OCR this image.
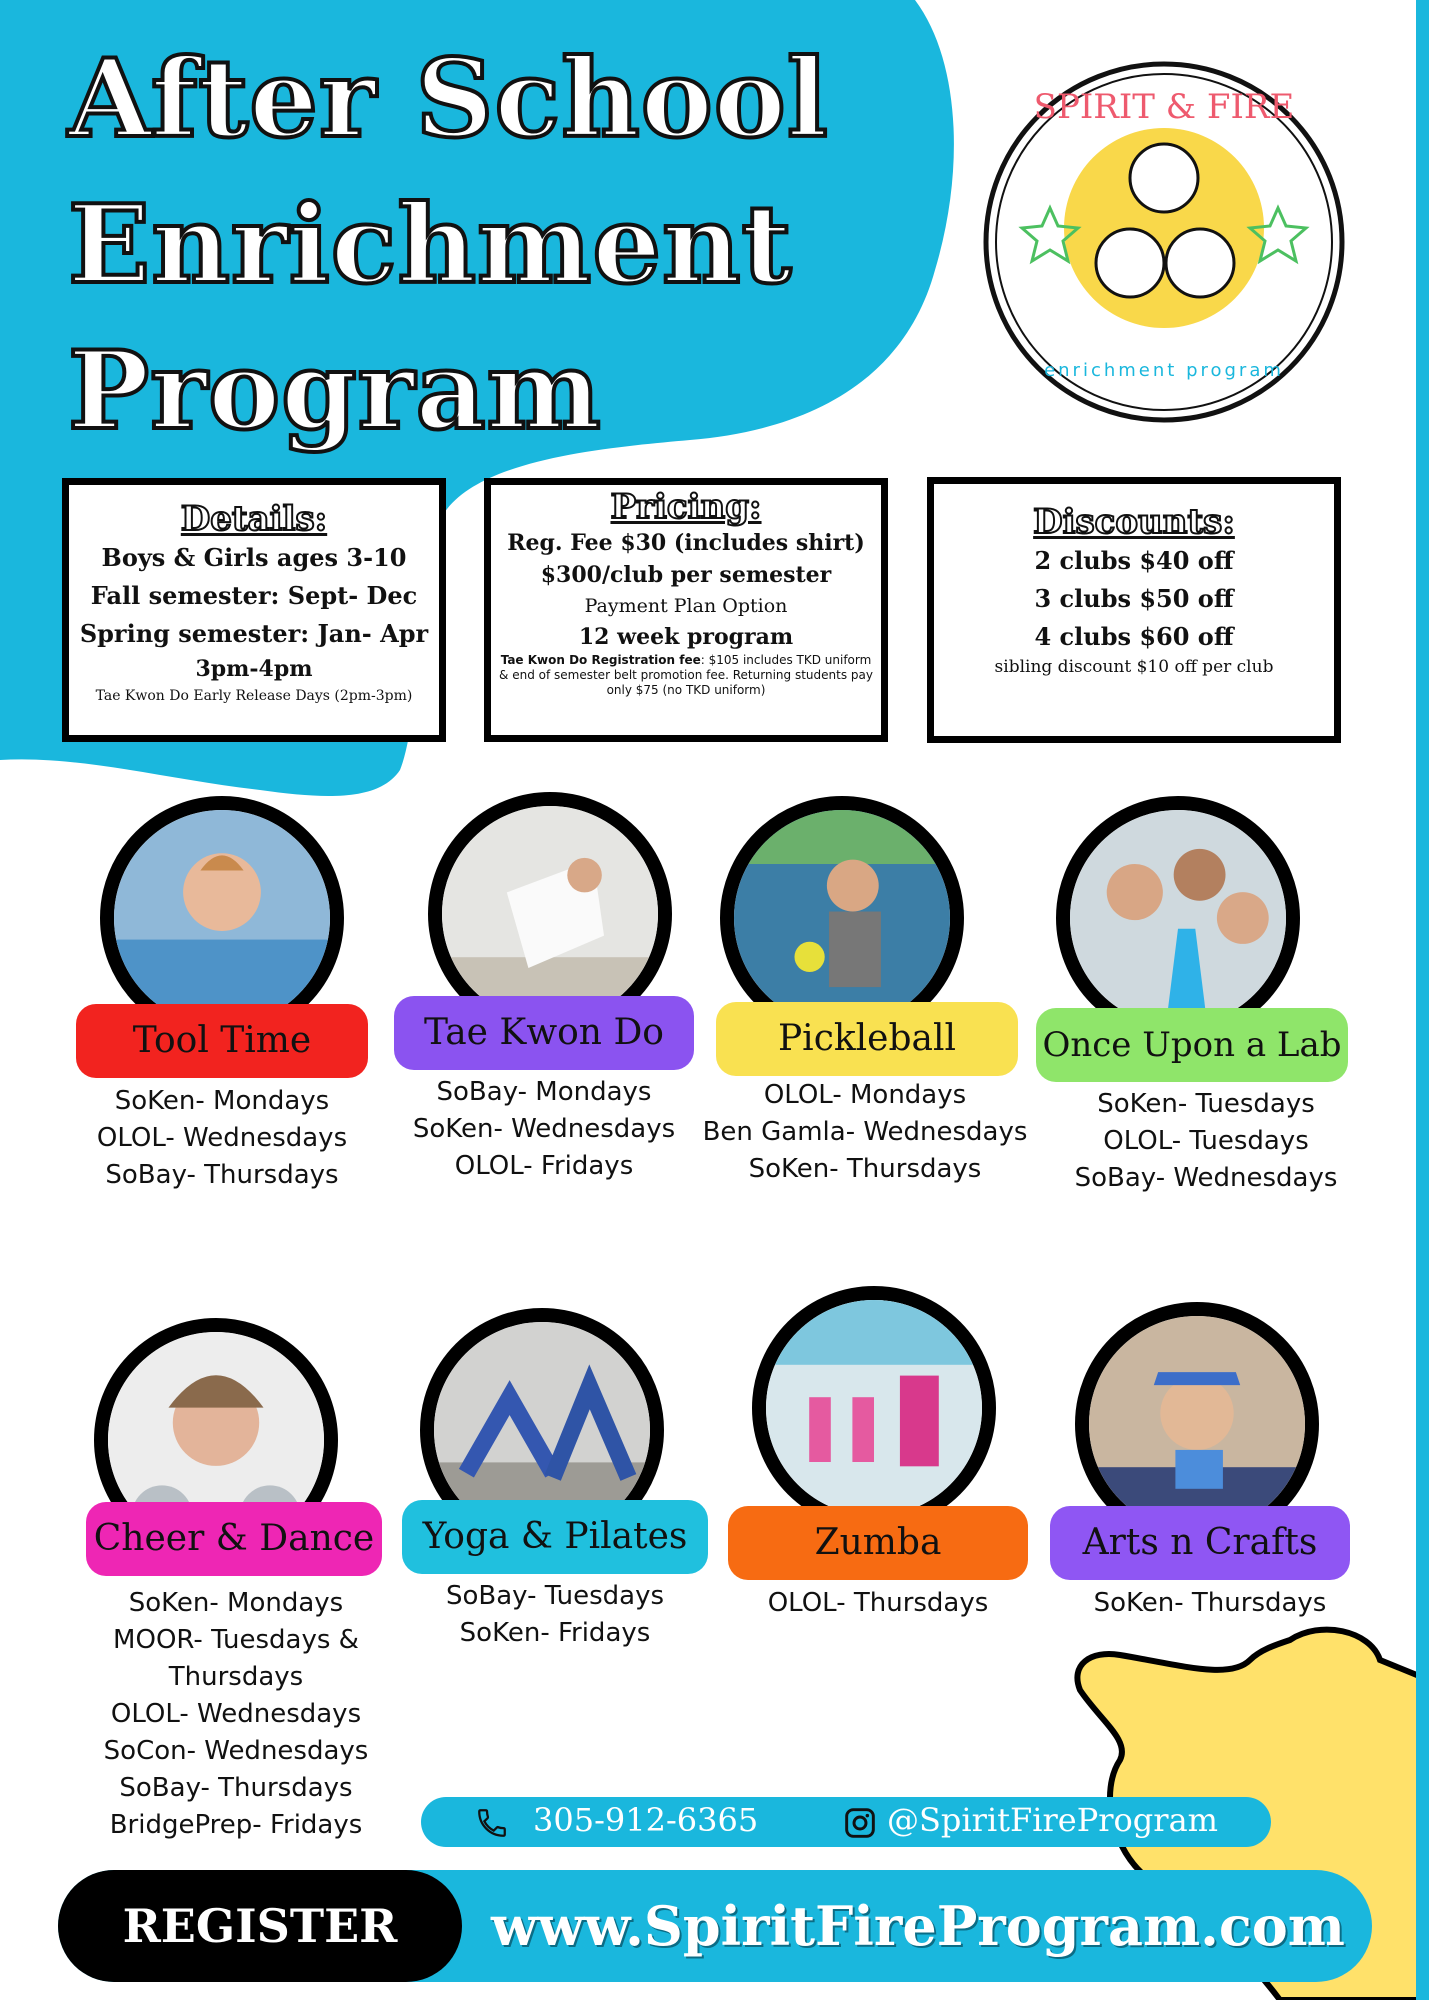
After School
Enrichment
Program
SPIRIT & FIRE
enrichment program
Details:
Boys & Girls ages 3-10
Fall semester: Sept- Dec
Spring semester: Jan- Apr
3pm-4pm
Tae Kwon Do Early Release Days (2pm-3pm)
Pricing:
Reg. Fee $30 (includes shirt)
$300/club per semester
Payment Plan Option
12 week program
Tae Kwon Do Registration fee: $105 includes TKD uniform & end of semester belt promotion fee. Returning students pay only $75 (no TKD uniform)
Discounts:
2 clubs $40 off
3 clubs $50 off
4 clubs $60 off
sibling discount $10 off per club
Tool Time	Tae Kwon Do	Pickleball	Once Upon a Lab
Cheer & Dance	Yoga & Pilates	Zumba	Arts n Crafts
SoKen- Mondays
OLOL- Wednesdays
SoBay- Thursdays
SoBay- Mondays
SoKen- Wednesdays
OLOL- Fridays
OLOL- Mondays
Ben Gamla- Wednesdays
SoKen- Thursdays
SoKen- Tuesdays
OLOL- Tuesdays
SoBay- Wednesdays
SoKen- Mondays
MOOR- Tuesdays &
Thursdays
OLOL- Wednesdays
SoCon- Wednesdays
SoBay- Thursdays
BridgePrep- Fridays
SoBay- Tuesdays
SoKen- Fridays
OLOL- Thursdays	SoKen- Thursdays
305-912-6365	@SpiritFireProgram
REGISTER	www.SpiritFireProgram.com
